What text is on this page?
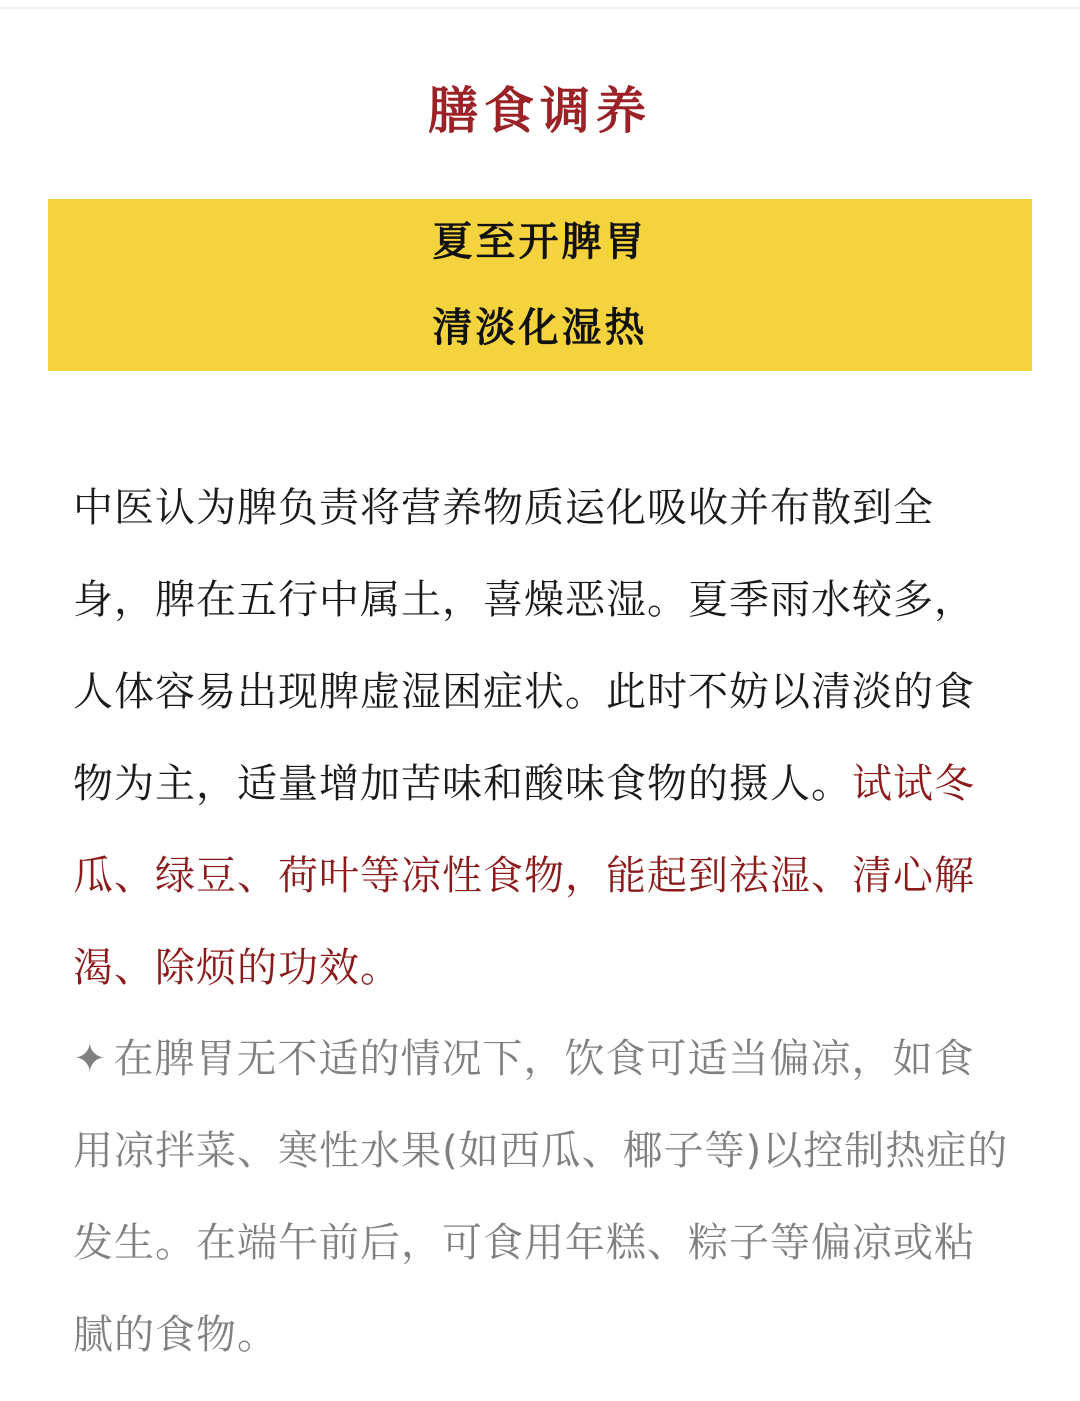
膳食调养
夏至开脾胃
清淡化湿热

中医认为脾负责将营养物质运化吸收并布散到全身，脾在五行中属土，喜燥恶湿。夏季雨水较多，人体容易出现脾虚湿困症状。此时不妨以清淡的食物为主，适量增加苦味和酸味食物的摄人。试试冬瓜、绿豆、荷叶等凉性食物，能起到祛湿、清心解渴、除烦的功效。

✦ 在脾胃无不适的情况下，饮食可适当偏凉，如食用凉拌菜、寒性水果(如西瓜、椰子等)以控制热症的发生。在端午前后，可食用年糕、粽子等偏凉或粘腻的食物。
